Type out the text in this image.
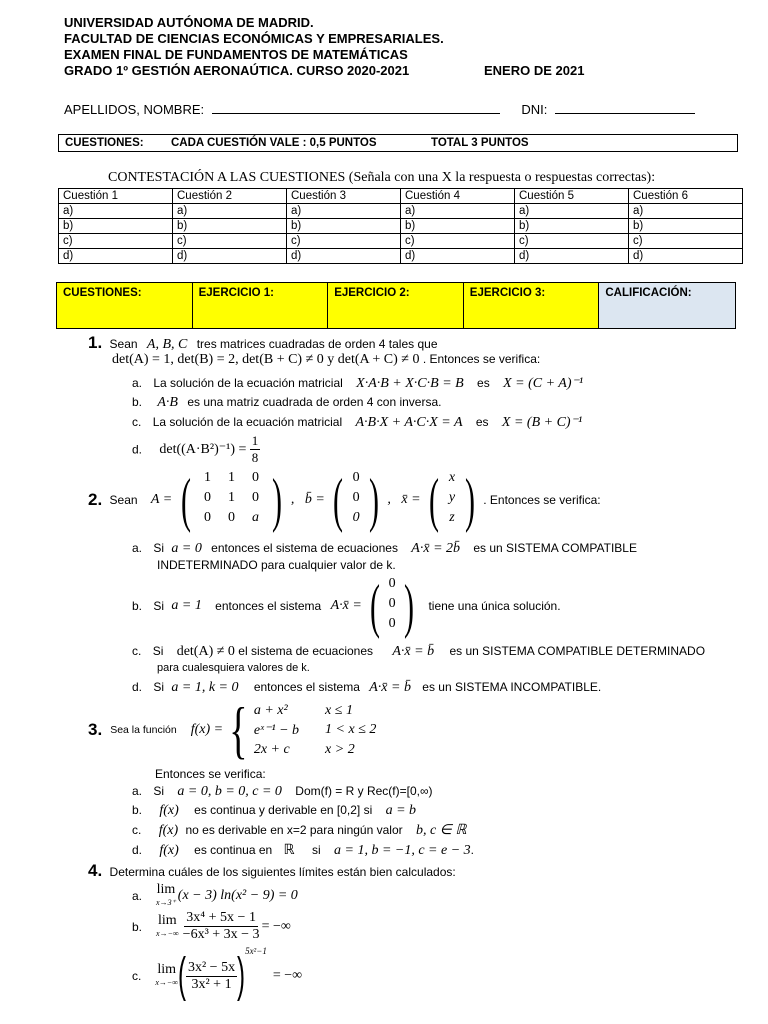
UNIVERSIDAD AUTÓNOMA DE MADRID.
FACULTAD DE CIENCIAS ECONÓMICAS Y EMPRESARIALES.
EXAMEN FINAL DE FUNDAMENTOS DE MATEMÁTICAS
GRADO 1º GESTIÓN AERONAÚTICA. CURSO 2020-2021	ENERO DE 2021
APELLIDOS, NOMBRE:	DNI:
CUESTIONES: CADA CUESTIÓN VALE : 0,5 PUNTOS	TOTAL 3 PUNTOS
CONTESTACIÓN A LAS CUESTIONES (Señala con una X la respuesta o respuestas correctas):
Cuestión 1	Cuestión 2	Cuestión 3	Cuestión 4	Cuestión 5	Cuestión 6
a)	a)	a)	a)	a)	a)
b)	b)	b)	b)	b)	b)
c)	c)	c)	c)	c)	c)
d)	d)	d)	d)	d)	d)
CUESTIONES:	EJERCICIO 1:	EJERCICIO 2:	EJERCICIO 3:	CALIFICACIÓN:
1. Sean A, B, C tres matrices cuadradas de orden 4 tales que
det(A) = 1, det(B) = 2, det(B + C) ≠ 0 y det(A + C) ≠ 0 . Entonces se verifica:
a. La solución de la ecuación matricial X·A·B + X·C·B = B es X = (C + A)⁻¹
b. A·B es una matriz cuadrada de orden 4 con inversa.
c. La solución de la ecuación matricial A·B·X + A·C·X = A es X = (B + C)⁻¹
d. $\det((A\cdot B^2)^{-1}) = \frac{1}{8}$
2. Sean A = ( 1	1	0
0	1	0
0	0	a ) ,   b̄ = ( 0
0
0 ) ,   x̄ = ( x
y
z ) . Entonces se verifica:
a. Si a = 0 entonces el sistema de ecuaciones A·x̄ = 2b̄ es un SISTEMA COMPATIBLE
INDETERMINADO para cualquier valor de k.
b. Si a = 1 entonces el sistema A·x̄ = ( 0
0
0 ) tiene una única solución.
c. Si det(A) ≠ 0 el sistema de ecuaciones A·x̄ = b̄ es un SISTEMA COMPATIBLE DETERMINADO
para cualesquiera valores de k.
d. Si a = 1, k = 0 entonces el sistema A·x̄ = b̄ es un SISTEMA INCOMPATIBLE.
3. Sea la función f(x) = { a + x²	x ≤ 1
eˣ⁻¹ − b 1 < x ≤ 2
2x + c	x > 2
Entonces se verifica:
a. Si a = 0, b = 0, c = 0 Dom(f) = R y Rec(f)=[0,∞)
b. f(x) es continua y derivable en [0,2] si a = b
c. f(x) no es derivable en x=2 para ningún valor b, c ∈ ℝ
d. f(x) es continua en ℝ si a = 1, b = −1, c = e − 3.
4. Determina cuáles de los siguientes límites están bien calculados:
a. lim
x→3⁺ (x − 3) ln(x² − 9) = 0
b. lim
$x\to-\infty \frac{\text{3x⁴ + 5x − 1}}{\text{−6x³ + 3x − 3}}$ = −∞
c. lim
x→−∞ ( $\frac{\text{3x² − 5x}}{\text{3x² + 1}}$ ) 5x²−1
= −∞
